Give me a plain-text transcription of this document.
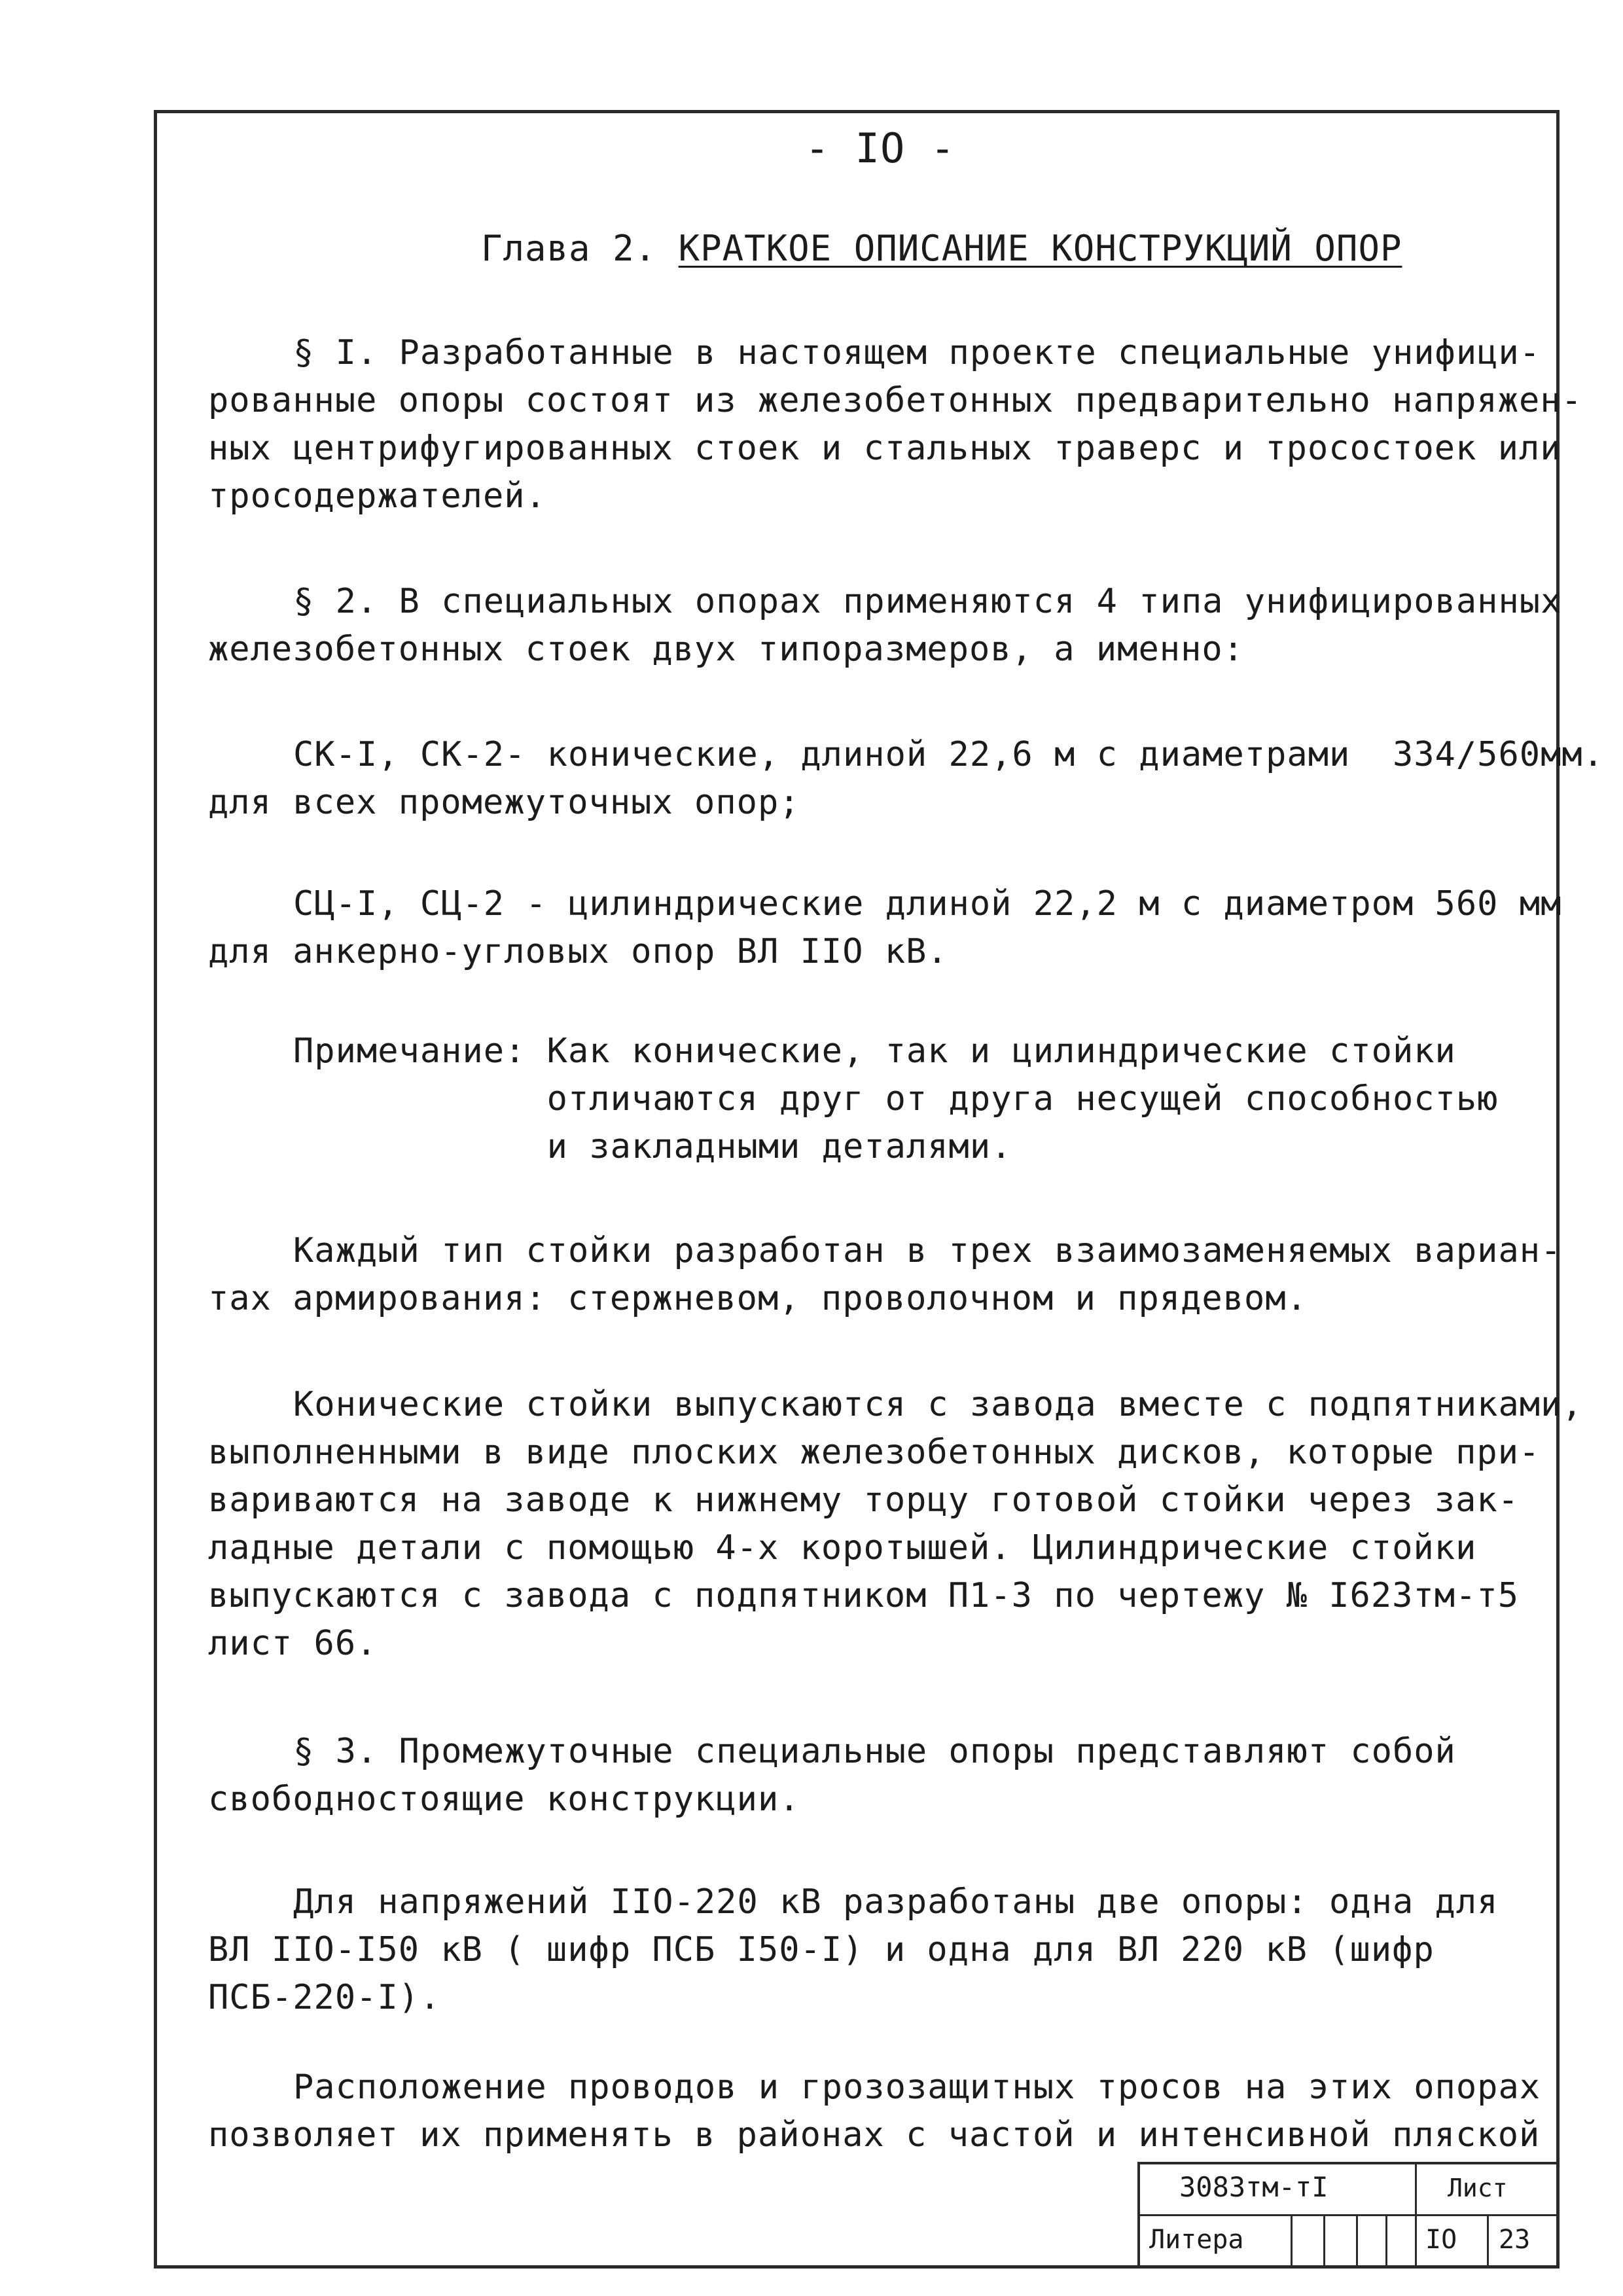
- IO -
Глава 2. КРАТКОЕ ОПИСАНИЕ КОНСТРУКЦИЙ ОПОР
§ I. Разработанные в настоящем проекте специальные унифици-
рованные опоры состоят из железобетонных предварительно напряжен-
ных центрифугированных стоек и стальных траверс и тросостоек или
тросодержателей.
§ 2. В специальных опорах применяются 4 типа унифицированных
железобетонных стоек двух типоразмеров, а именно:
СК-I, СК-2- конические, длиной 22,6 м с диаметрами  334/560мм.
для всех промежуточных опор;
СЦ-I, СЦ-2 - цилиндрические длиной 22,2 м с диаметром 560 мм
для анкерно-угловых опор ВЛ IIO кВ.
Примечание: Как конические, так и цилиндрические стойки
отличаются друг от друга несущей способностью
и закладными деталями.
Каждый тип стойки разработан в трех взаимозаменяемых вариан-
тах армирования: стержневом, проволочном и прядевом.
Конические стойки выпускаются с завода вместе с подпятниками,
выполненными в виде плоских железобетонных дисков, которые при-
вариваются на заводе к нижнему торцу готовой стойки через зак-
ладные детали с помощью 4-х коротышей. Цилиндрические стойки
выпускаются с завода с подпятником П1-3 по чертежу № I623тм-т5
лист 66.
§ 3. Промежуточные специальные опоры представляют собой
свободностоящие конструкции.
Для напряжений IIO-220 кВ разработаны две опоры: одна для
ВЛ IIO-I50 кВ ( шифр ПСБ I50-I) и одна для ВЛ 220 кВ (шифр
ПСБ-220-I).
Расположение проводов и грозозащитных тросов на этих опорах
позволяет их применять в районах с частой и интенсивной пляской
3083тм-тI	Лист
Литера	IO 23
